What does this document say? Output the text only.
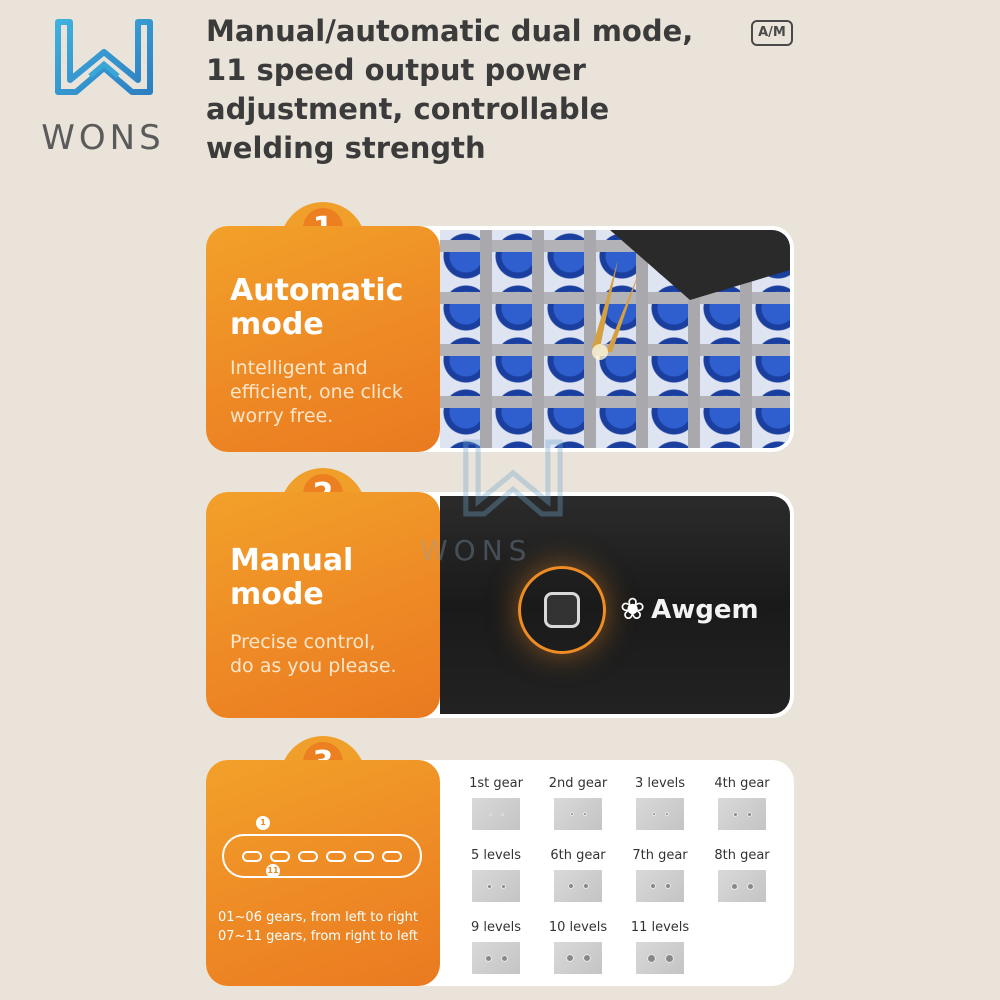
WONS
Manual/automatic dual mode,
11 speed output power
adjustment, controllable
welding strength
A/M
Automatic
mode
Intelligent and
efficient, one click
worry free.
Manual
mode
Precise control,
do as you please.
❀ Awgem
1
11
01~06 gears, from left to right
07~11 gears, from right to left
1st gear 2nd gear 3 levels 4th gear
5 levels 6th gear 7th gear 8th gear
9 levels 10 levels 11 levels
WONS
